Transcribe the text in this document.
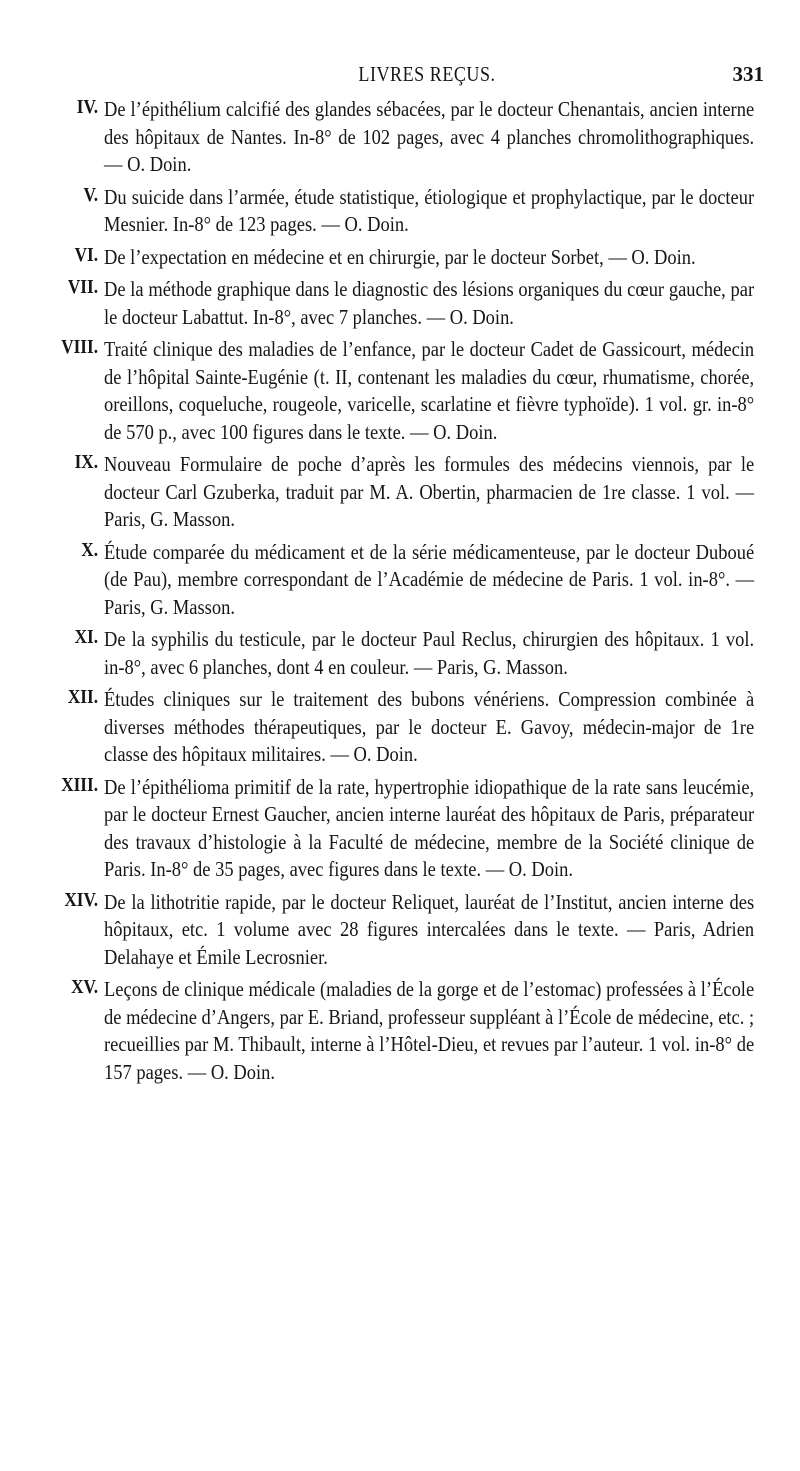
LIVRES REÇUS.	331
IV. De l’épithélium calcifié des glandes sébacées, par le docteur Chenantais, ancien interne des hôpitaux de Nantes. In-8° de 102 pages, avec 4 planches chromolithographiques. — O. Doin.
V. Du suicide dans l’armée, étude statistique, étiologique et prophylactique, par le docteur Mesnier. In-8° de 123 pages. — O. Doin.
VI. De l’expectation en médecine et en chirurgie, par le docteur Sorbet, — O. Doin.
VII. De la méthode graphique dans le diagnostic des lésions organiques du cœur gauche, par le docteur Labattut. In-8°, avec 7 planches. — O. Doin.
VIII. Traité clinique des maladies de l’enfance, par le docteur Cadet de Gassicourt, médecin de l’hôpital Sainte-Eugénie (t. II, contenant les maladies du cœur, rhumatisme, chorée, oreillons, coqueluche, rougeole, varicelle, scarlatine et fièvre typhoïde). 1 vol. gr. in-8° de 570 p., avec 100 figures dans le texte. — O. Doin.
IX. Nouveau Formulaire de poche d’après les formules des médecins viennois, par le docteur Carl Gzuberka, traduit par M. A. Obertin, pharmacien de 1re classe. 1 vol. — Paris, G. Masson.
X. Étude comparée du médicament et de la série médicamenteuse, par le docteur Duboué (de Pau), membre correspondant de l’Académie de médecine de Paris. 1 vol. in-8°. — Paris, G. Masson.
XI. De la syphilis du testicule, par le docteur Paul Reclus, chirurgien des hôpitaux. 1 vol. in-8°, avec 6 planches, dont 4 en couleur. — Paris, G. Masson.
XII. Études cliniques sur le traitement des bubons vénériens. Compression combinée à diverses méthodes thérapeutiques, par le docteur E. Gavoy, médecin-major de 1re classe des hôpitaux militaires. — O. Doin.
XIII. De l’épithélioma primitif de la rate, hypertrophie idiopathique de la rate sans leucémie, par le docteur Ernest Gaucher, ancien interne lauréat des hôpitaux de Paris, préparateur des travaux d’histologie à la Faculté de médecine, membre de la Société clinique de Paris. In-8° de 35 pages, avec figures dans le texte. — O. Doin.
XIV. De la lithotritie rapide, par le docteur Reliquet, lauréat de l’Institut, ancien interne des hôpitaux, etc. 1 volume avec 28 figures intercalées dans le texte. — Paris, Adrien Delahaye et Émile Lecrosnier.
XV. Leçons de clinique médicale (maladies de la gorge et de l’estomac) professées à l’École de médecine d’Angers, par E. Briand, professeur suppléant à l’École de médecine, etc. ; recueillies par M. Thibault, interne à l’Hôtel-Dieu, et revues par l’auteur. 1 vol. in-8° de 157 pages. — O. Doin.
